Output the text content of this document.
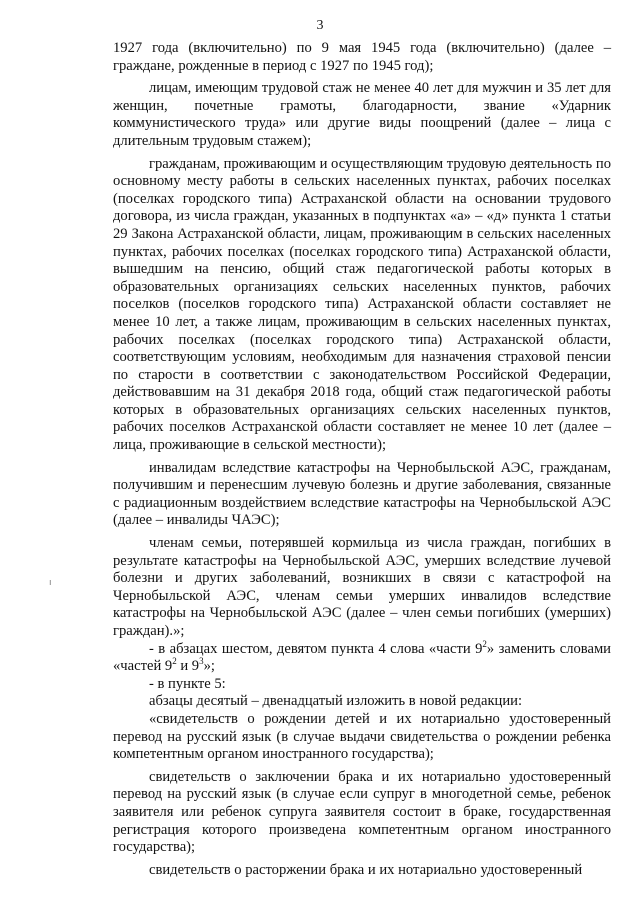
3
ı

1927 года (включительно) по 9 мая 1945 года (включительно) (далее – граждане, рожденные в период с 1927 по 1945 год);

лицам, имеющим трудовой стаж не менее 40 лет для мужчин и 35 лет для женщин, почетные грамоты, благодарности, звание «Ударник коммунистического труда» или другие виды поощрений (далее – лица с длительным трудовым стажем);

гражданам, проживающим и осуществляющим трудовую деятельность по основному месту работы в сельских населенных пунктах, рабочих поселках (поселках городского типа) Астраханской области на основании трудового договора, из числа граждан, указанных в подпунктах «а» – «д» пункта 1 статьи 29 Закона Астраханской области, лицам, проживающим в сельских населенных пунктах, рабочих поселках (поселках городского типа) Астраханской области, вышедшим на пенсию, общий стаж педагогической работы которых в образовательных организациях сельских населенных пунктов, рабочих поселков (поселков городского типа) Астраханской области составляет не менее 10 лет, а также лицам, проживающим в сельских населенных пунктах, рабочих поселках (поселках городского типа) Астраханской области, соответствующим условиям, необходимым для назначения страховой пенсии по старости в соответствии с законодательством Российской Федерации, действовавшим на 31 декабря 2018 года, общий стаж педагогической работы которых в образовательных организациях сельских населенных пунктов, рабочих поселков Астраханской области составляет не менее 10 лет (далее – лица, проживающие в сельской местности);

инвалидам вследствие катастрофы на Чернобыльской АЭС, гражданам, получившим и перенесшим лучевую болезнь и другие заболевания, связанные с радиационным воздействием вследствие катастрофы на Чернобыльской АЭС (далее – инвалиды ЧАЭС);

членам семьи, потерявшей кормильца из числа граждан, погибших в результате катастрофы на Чернобыльской АЭС, умерших вследствие лучевой болезни и других заболеваний, возникших в связи с катастрофой на Чернобыльской АЭС, членам семьи умерших инвалидов вследствие катастрофы на Чернобыльской АЭС (далее – член семьи погибших (умерших) граждан).»;

- в абзацах шестом, девятом пункта 4 слова «части $9^2$» заменить словами «частей $9^2$ и $9^3$»;

- в пункте 5:

абзацы десятый – двенадцатый изложить в новой редакции:

«свидетельств о рождении детей и их нотариально удостоверенный перевод на русский язык (в случае выдачи свидетельства о рождении ребенка компетентным органом иностранного государства);

свидетельств о заключении брака и их нотариально удостоверенный перевод на русский язык (в случае если супруг в многодетной семье, ребенок заявителя или ребенок супруга заявителя состоит в браке, государственная регистрация которого произведена компетентным органом иностранного государства);

свидетельств о расторжении брака и их нотариально удостоверенный
